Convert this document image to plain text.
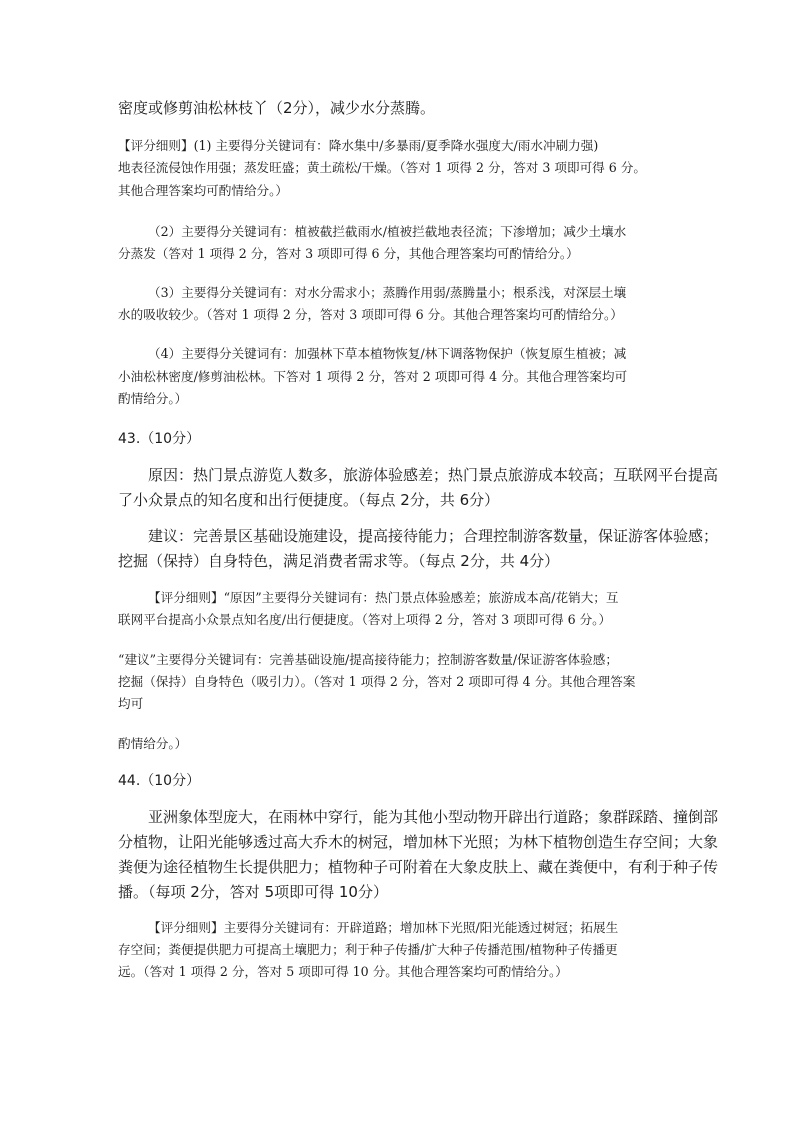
密度或修剪油松林枝丫（2分），减少水分蒸腾。
【评分细则】(1) 主要得分关键词有：降水集中/多暴雨/夏季降水强度大/雨水冲刷力强)
地表径流侵蚀作用强；蒸发旺盛；黄土疏松/干燥。（答对 1 项得 2 分，答对 3 项即可得 6 分。
其他合理答案均可酌情给分。）
（2）主要得分关键词有：植被截拦截雨水/植被拦截地表径流；下渗增加；减少土壤水
分蒸发（答对 1 项得 2 分，答对 3 项即可得 6 分，其他合理答案均可酌情给分。）
（3）主要得分关键词有：对水分需求小；蒸腾作用弱/蒸腾量小；根系浅，对深层土壤
水的吸收较少。（答对 1 项得 2 分，答对 3 项即可得 6 分。其他合理答案均可酌情给分。）
（4）主要得分关键词有：加强林下草本植物恢复/林下调落物保护（恢复原生植被；减
小油松林密度/修剪油松林。下答对 1 项得 2 分，答对 2 项即可得 4 分。其他合理答案均可
酌情给分。）
43.（10分）
原因：热门景点游览人数多，旅游体验感差；热门景点旅游成本较高；互联网平台提高
了小众景点的知名度和出行便捷度。（每点 2分，共 6分）
建议：完善景区基础设施建设，提高接待能力；合理控制游客数量，保证游客体验感；
挖掘（保持）自身特色，满足消费者需求等。（每点 2分，共 4分）
【评分细则】“原因”主要得分关键词有：热门景点体验感差；旅游成本高/花销大；互
联网平台提高小众景点知名度/出行便捷度。（答对上项得 2 分，答对 3 项即可得 6 分。）
“建议”主要得分关键词有：完善基础设施/提高接待能力；控制游客数量/保证游客体验感；
挖掘（保持）自身特色（吸引力）。（答对 1 项得 2 分，答对 2 项即可得 4 分。其他合理答案
均可
酌情给分。）
44.（10分）
亚洲象体型庞大，在雨林中穿行，能为其他小型动物开辟出行道路；象群踩踏、撞倒部
分植物，让阳光能够透过高大乔木的树冠，增加林下光照；为林下植物创造生存空间；大象
粪便为途径植物生长提供肥力；植物种子可附着在大象皮肤上、藏在粪便中，有利于种子传
播。（每项 2分，答对 5项即可得 10分）
【评分细则】主要得分关键词有：开辟道路；增加林下光照/阳光能透过树冠；拓展生
存空间；粪便提供肥力可提高土壤肥力；利于种子传播/扩大种子传播范围/植物种子传播更
远。（答对 1 项得 2 分，答对 5 项即可得 10 分。其他合理答案均可酌情给分。）
